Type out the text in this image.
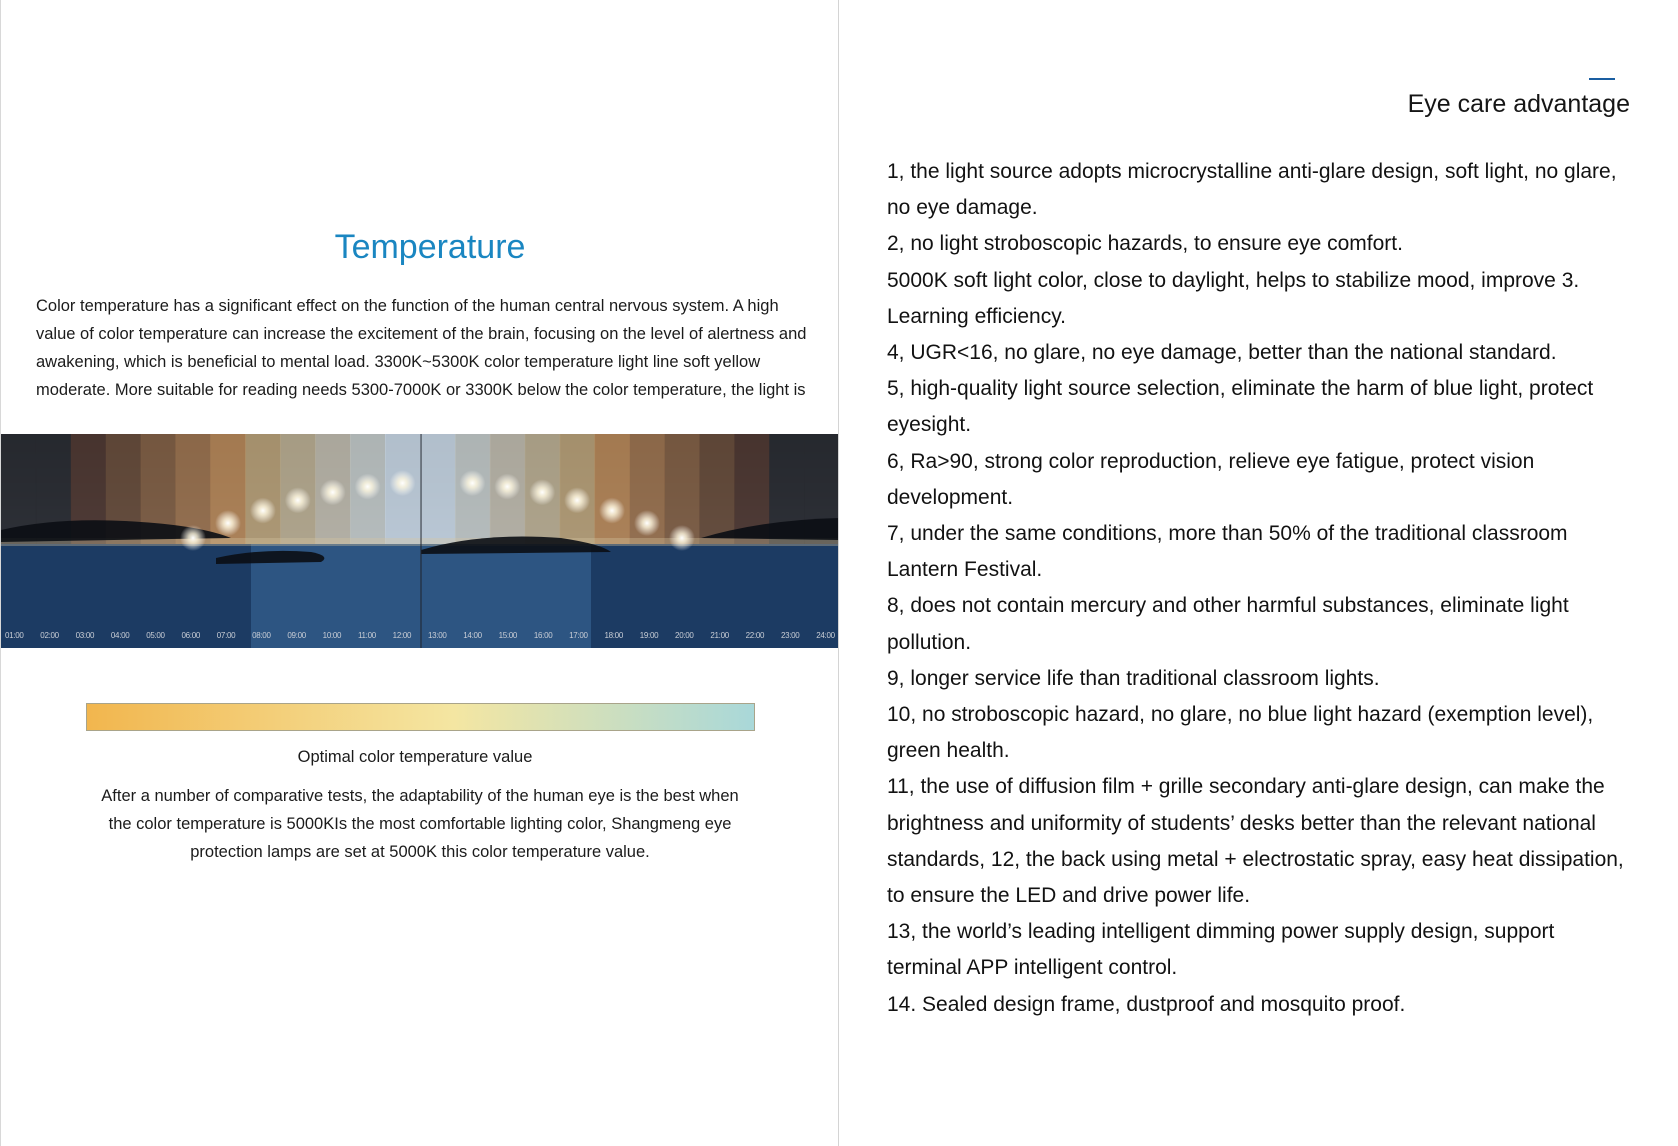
Temperature

Color temperature has a significant effect on the function of the human central nervous system. A high value of color temperature can increase the excitement of the brain, focusing on the level of alertness and awakening, which is beneficial to mental load. 3300K~5300K color temperature light line soft yellow moderate. More suitable for reading needs 5300-7000K or 3300K below the color temperature, the light is

01:00 02:00 03:00 04:00 05:00 06:00 07:00 08:00 09:00 10:00 11:00 12:00 13:00 14:00 15:00 16:00 17:00 18:00 19:00 20:00 21:00 22:00 23:00 24:00

Optimal color temperature value

After a number of comparative tests, the adaptability of the human eye is the best when the color temperature is 5000KIs the most comfortable lighting color, Shangmeng eye protection lamps are set at 5000K this color temperature value.

Eye care advantage
1, the light source adopts microcrystalline anti-glare design, soft light, no glare, no eye damage.
2, no light stroboscopic hazards, to ensure eye comfort.
5000K soft light color, close to daylight, helps to stabilize mood, improve 3. Learning efficiency.
4, UGR<16, no glare, no eye damage, better than the national standard.
5, high-quality light source selection, eliminate the harm of blue light, protect eyesight.
6, Ra>90, strong color reproduction, relieve eye fatigue, protect vision development.
7, under the same conditions, more than 50% of the traditional classroom Lantern Festival.
8, does not contain mercury and other harmful substances, eliminate light pollution.
9, longer service life than traditional classroom lights.
10, no stroboscopic hazard, no glare, no blue light hazard (exemption level), green health.
11, the use of diffusion film + grille secondary anti-glare design, can make the brightness and uniformity of students’ desks better than the relevant national standards, 12, the back using metal + electrostatic spray, easy heat dissipation, to ensure the LED and drive power life.
13, the world’s leading intelligent dimming power supply design, support terminal APP intelligent control.
14. Sealed design frame, dustproof and mosquito proof.
